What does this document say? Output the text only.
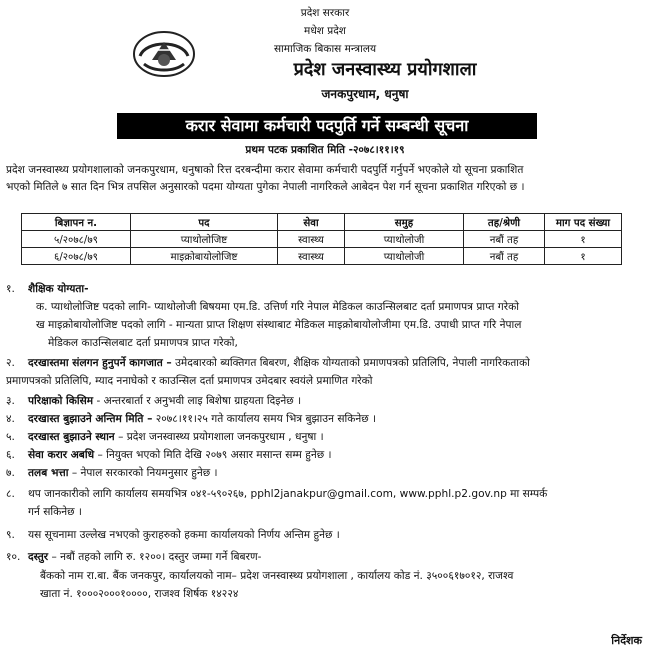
प्रदेश सरकार
मधेश प्रदेश
सामाजिक बिकास मन्त्रालय
प्रदेश जनस्वास्थ्य प्रयोगशाला
जनकपुरधाम, धनुषा
करार सेवामा कर्मचारी पदपुर्ति गर्ने सम्बन्धी सूचना
प्रथम पटक प्रकाशित मिति -२०७८।११।१९
प्रदेश जनस्वास्थ्य प्रयोगशालाको जनकपुरधाम, धनुषाको रित्त दरबन्दीमा करार सेवामा कर्मचारी पदपुर्ति गर्नुपर्ने भएकोले यो सूचना प्रकाशित
भएको मितिले ७ सात दिन भित्र तपसिल अनुसारको पदमा योग्यता पुगेका नेपाली नागरिकले आबेदन पेश गर्न सूचना प्रकाशित गरिएको छ ।
बिज्ञापन न.	पद	सेवा	समुह	तह/श्रेणी	माग पद संख्या
५/२०७८/७९	प्याथोलोजिष्ट	स्वास्थ्य	प्याथोलोजी	नबौं तह	१
६/२०७८/७९	माइक्रोबायोलोजिष्ट	स्वास्थ्य	प्याथोलोजी	नबौं तह	१
१.	शैक्षिक योग्यता-
क. प्याथोलोजिष्ट पदको लागि- प्याथोलोजी बिषयमा एम.डि. उत्तिर्ण गरि नेपाल मेडिकल काउन्सिलबाट दर्ता प्रमाणपत्र प्राप्त गरेको
ख माइक्रोबायोलोजिष्ट पदको लागि - मान्यता प्राप्त शिक्षण संस्थाबाट मेडिकल माइक्रोबायोलोजीमा एम.डि. उपाधी प्राप्त गरि नेपाल
मेडिकल काउन्सिलबाट दर्ता प्रमाणपत्र प्राप्त गरेको,
२.	दरखास्तमा संलगन हुनुपर्ने कागजात – उमेदबारको ब्यक्तिगत बिबरण, शैक्षिक योग्यताको प्रमाणपत्रको प्रतिलिपि, नेपाली नागरिकताको
प्रमाणपत्रको प्रतिलिपि, म्याद ननाघेको र काउन्सिल दर्ता प्रमाणपत्र उमेदबार स्वयंले प्रमाणित गरेको
३.	परिक्षाको किसिम - अन्तरबार्ता र अनुभवी लाइ बिशेषा ग्राहयता दिइनेछ ।
४.	दरखास्त बुझाउने अन्तिम मिति – २०७८।११।२५ गते कार्यालय समय भित्र बुझाउन सकिनेछ ।
५.	दरखास्त बुझाउने स्थान – प्रदेश जनस्वास्थ्य प्रयोगशाला जनकपुरधाम , धनुषा ।
६.	सेवा करार अबधि – नियुक्त भएको मिति देखि २०७९ असार मसान्त सम्म हुनेछ ।
७.	तलब भत्ता – नेपाल सरकारको नियमनुसार हुनेछ ।
८.	थप जानकारीको लागि कार्यालय समयभित्र ०४१-५९०२६७, pphl2janakpur@gmail.com, www.pphl.p2.gov.np मा सम्पर्क
गर्न सकिनेछ ।
९.	यस सूचनामा उल्लेख नभएको कुराहरुको हकमा कार्यालयको निर्णय अन्तिम हुनेछ ।
१०. दस्तुर – नबौं तहको लागि रु. १२००। दस्तुर जम्मा गर्ने बिबरण-
बैंकको नाम रा.बा. बैंक जनकपुर, कार्यालयको नाम– प्रदेश जनस्वास्थ्य प्रयोगशाला , कार्यालय कोड नं. ३५००६१७०१२, राजश्व
खाता नं. १०००२०००१००००, राजश्व शिर्षक १४२२४
निर्देशक
